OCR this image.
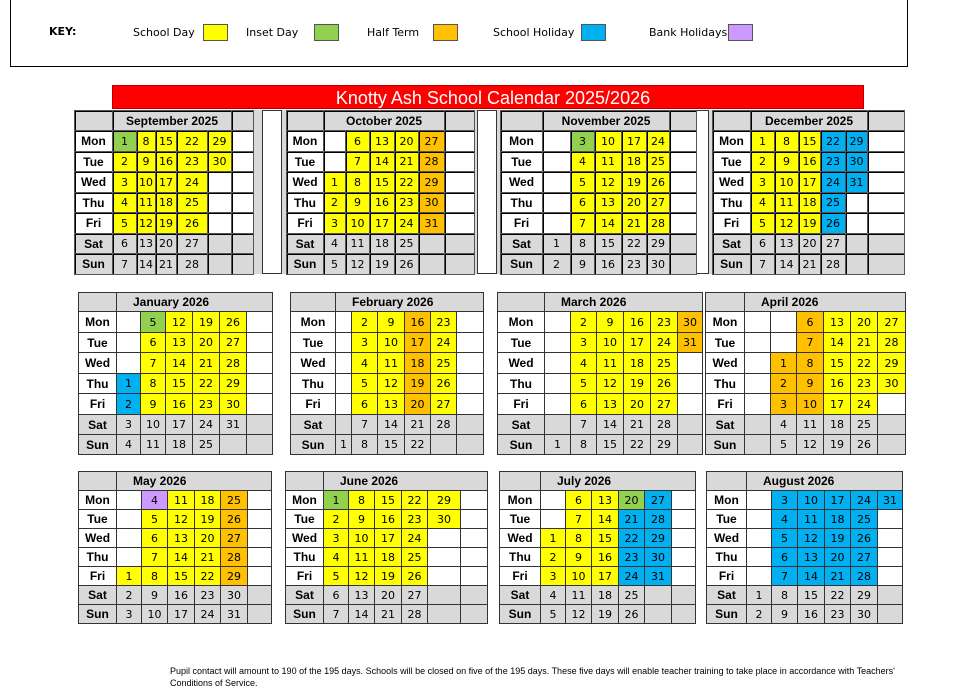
KEY:	School Day	Inset Day	Half Term	School Holiday	Bank Holidays
Knotty Ash School Calendar 2025/2026
	September 2025					
Mon	1	8	15	22	29	
Tue	2	9	16	23	30	
Wed	3	10	17	24		
Thu	4	11	18	25		
Fri	5	12	19	26		
Sat	6	13	20	27		
Sun	7	14	21	28		
	October 2025					
Mon		6	13	20	27	
Tue		7	14	21	28	
Wed	1	8	15	22	29	
Thu	2	9	16	23	30	
Fri	3	10	17	24	31	
Sat	4	11	18	25		
Sun	5	12	19	26		
	November 2025					
Mon		3	10	17	24	
Tue		4	11	18	25	
Wed		5	12	19	26	
Thu		6	13	20	27	
Fri		7	14	21	28	
Sat	1	8	15	22	29	
Sun	2	9	16	23	30	
	December 2025					
Mon	1	8	15	22	29	
Tue	2	9	16	23	30	
Wed	3	10	17	24	31	
Thu	4	11	18	25		
Fri	5	12	19	26		
Sat	6	13	20	27		
Sun	7	14	21	28		
	January 2026					
Mon		5	12	19	26	
Tue		6	13	20	27	
Wed		7	14	21	28	
Thu	1	8	15	22	29	
Fri	2	9	16	23	30	
Sat	3	10	17	24	31	
Sun	4	11	18	25		
	February 2026					
Mon		2	9	16	23	
Tue		3	10	17	24	
Wed		4	11	18	25	
Thu		5	12	19	26	
Fri		6	13	20	27	
Sat		7	14	21	28	
Sun	1	8	15	22		
	March 2026					
Mon		2	9	16	23	30
Tue		3	10	17	24	31
Wed		4	11	18	25	
Thu		5	12	19	26	
Fri		6	13	20	27	
Sat		7	14	21	28	
Sun	1	8	15	22	29	
	April 2026					
Mon			6	13	20	27
Tue			7	14	21	28
Wed		1	8	15	22	29
Thu		2	9	16	23	30
Fri		3	10	17	24	
Sat		4	11	18	25	
Sun		5	12	19	26	
	May 2026					
Mon		4	11	18	25	
Tue		5	12	19	26	
Wed		6	13	20	27	
Thu		7	14	21	28	
Fri	1	8	15	22	29	
Sat	2	9	16	23	30	
Sun	3	10	17	24	31	
	June 2026					
Mon	1	8	15	22	29	
Tue	2	9	16	23	30	
Wed	3	10	17	24		
Thu	4	11	18	25		
Fri	5	12	19	26		
Sat	6	13	20	27		
Sun	7	14	21	28		
	July 2026					
Mon		6	13	20	27	
Tue		7	14	21	28	
Wed	1	8	15	22	29	
Thu	2	9	16	23	30	
Fri	3	10	17	24	31	
Sat	4	11	18	25		
Sun	5	12	19	26		
	August 2026					
Mon		3	10	17	24	31
Tue		4	11	18	25	
Wed		5	12	19	26	
Thu		6	13	20	27	
Fri		7	14	21	28	
Sat	1	8	15	22	29	
Sun	2	9	16	23	30	
Pupil contact will amount to 190 of the 195 days. Schools will be closed on five of the 195 days. These five days will enable teacher training to take place in accordance with Teachers' Conditions of Service.
